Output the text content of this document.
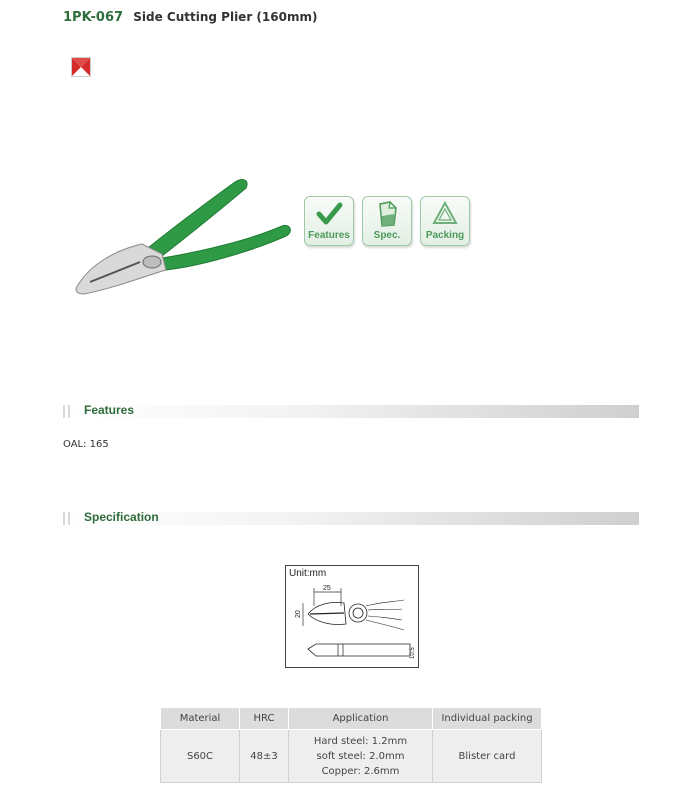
1PK-067 Side Cutting Plier (160mm)
Features Spec.	Packing
Features
OAL: 165
Specification
Unit:mm
25
20
10.5
Material	HRC	Application	Individual packing
S60C	48±3	Hard steel: 1.2mm
soft steel: 2.0mm
Copper: 2.6mm	Blister card
